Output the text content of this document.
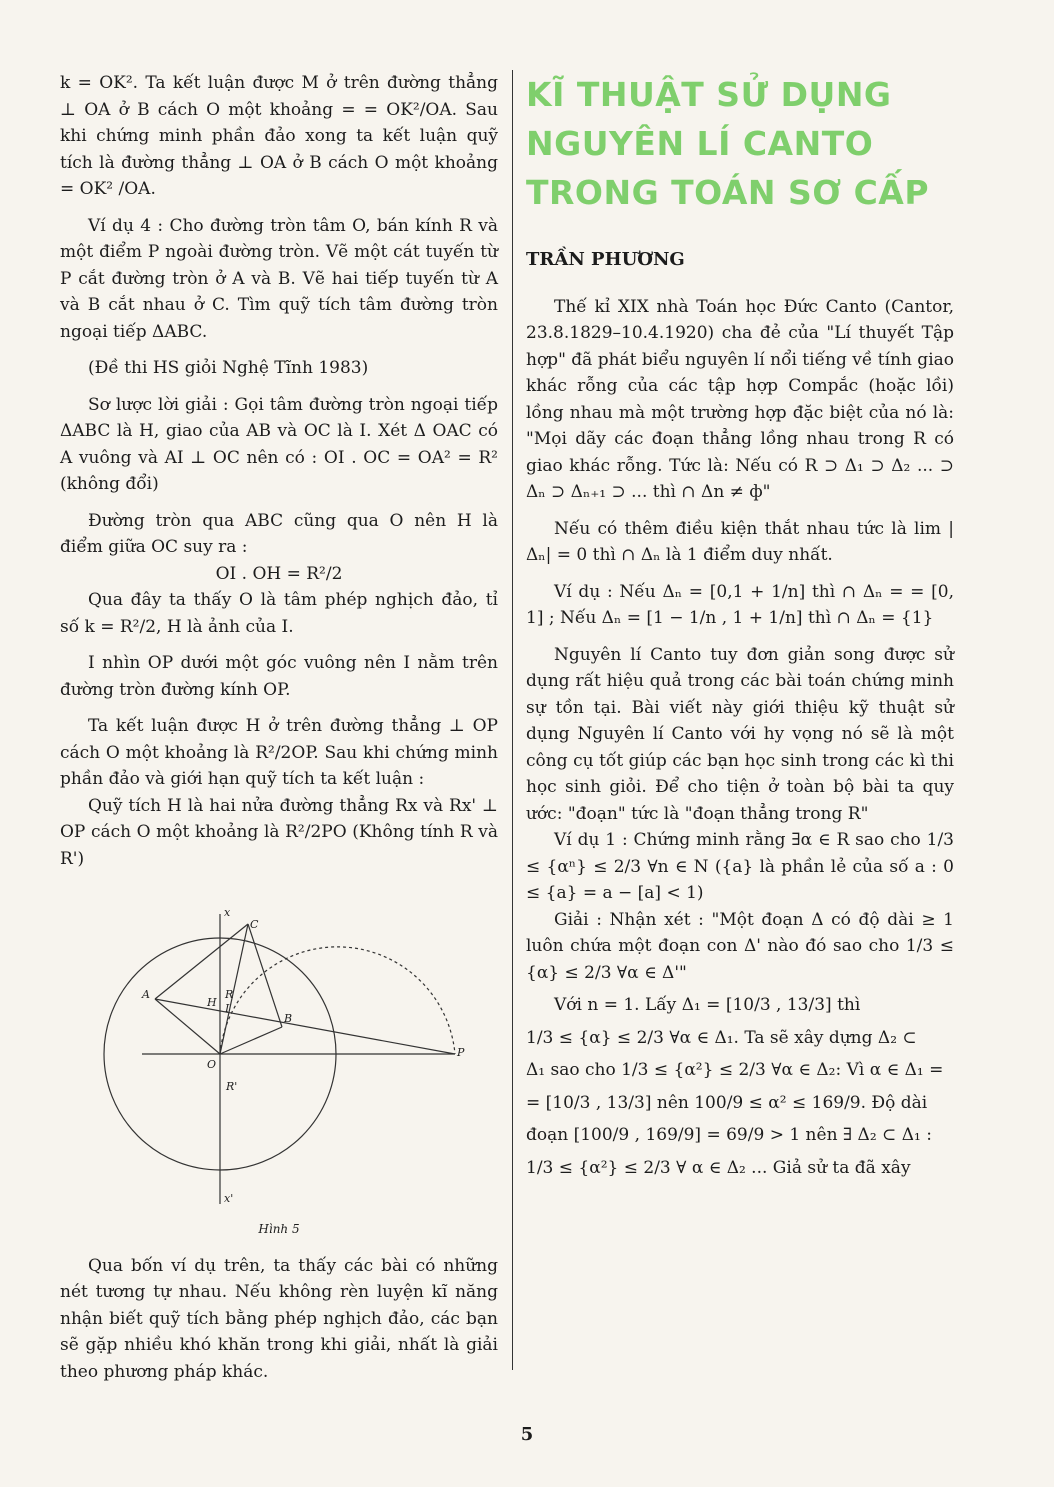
k = OK². Ta kết luận được M ở trên đường thẳng ⊥ OA ở B cách O một khoảng = = OK²/OA. Sau khi chứng minh phần đảo xong ta kết luận quỹ tích là đường thẳng ⊥ OA ở B cách O một khoảng = OK² /OA.

Ví dụ 4 : Cho đường tròn tâm O, bán kính R và một điểm P ngoài đường tròn. Vẽ một cát tuyến từ P cắt đường tròn ở A và B. Vẽ hai tiếp tuyến từ A và B cắt nhau ở C. Tìm quỹ tích tâm đường tròn ngoại tiếp ΔABC.

(Đề thi HS giỏi Nghệ Tĩnh 1983)

Sơ lược lời giải : Gọi tâm đường tròn ngoại tiếp ΔABC là H, giao của AB và OC là I. Xét Δ OAC có A vuông và AI ⊥ OC nên có : OI . OC = OA² = R² (không đổi)

Đường tròn qua ABC cũng qua O nên H là điểm giữa OC suy ra :

OI . OH = R²/2

Qua đây ta thấy O là tâm phép nghịch đảo, tỉ số k = R²/2, H là ảnh của I.

I nhìn OP dưới một góc vuông nên I nằm trên đường tròn đường kính OP.

Ta kết luận được H ở trên đường thẳng ⊥ OP cách O một khoảng là R²/2OP. Sau khi chứng minh phần đảo và giới hạn quỹ tích ta kết luận :

Quỹ tích H là hai nửa đường thẳng Rx và Rx' ⊥ OP cách O một khoảng là R²/2PO (Không tính R và R')

x
C
A
H I
B
O
R'
R
x'
P

Hình 5

Qua bốn ví dụ trên, ta thấy các bài có những nét tương tự nhau. Nếu không rèn luyện kĩ năng nhận biết quỹ tích bằng phép nghịch đảo, các bạn sẽ gặp nhiều khó khăn trong khi giải, nhất là giải theo phương pháp khác.

KĨ THUẬT SỬ DỤNG

NGUYÊN LÍ CANTO

TRONG TOÁN SƠ CẤP

TRẦN PHƯƠNG

Thế kỉ XIX nhà Toán học Đức Canto (Cantor, 23.8.1829–10.4.1920) cha đẻ của "Lí thuyết Tập hợp" đã phát biểu nguyên lí nổi tiếng về tính giao khác rỗng của các tập hợp Compắc (hoặc lồi) lồng nhau mà một trường hợp đặc biệt của nó là: "Mọi dãy các đoạn thẳng lồng nhau trong R có giao khác rỗng. Tức là: Nếu có R ⊃ Δ₁ ⊃ Δ₂ ... ⊃ Δₙ ⊃ Δₙ₊₁ ⊃ ... thì ∩ Δn ≠ ф"

Nếu có thêm điều kiện thắt nhau tức là lim |Δₙ| = 0 thì ∩ Δₙ là 1 điểm duy nhất.

Ví dụ : Nếu Δₙ = [0,1 + 1/n] thì ∩ Δₙ = = [0, 1] ; Nếu Δₙ = [1 − 1/n , 1 + 1/n] thì ∩ Δₙ = {1}

Nguyên lí Canto tuy đơn giản song được sử dụng rất hiệu quả trong các bài toán chứng minh sự tồn tại. Bài viết này giới thiệu kỹ thuật sử dụng Nguyên lí Canto với hy vọng nó sẽ là một công cụ tốt giúp các bạn học sinh trong các kì thi học sinh giỏi. Để cho tiện ở toàn bộ bài ta quy ước: "đoạn" tức là "đoạn thẳng trong R"

Ví dụ 1 : Chứng minh rằng ∃α ∈ R sao cho 1/3 ≤ {αⁿ} ≤ 2/3 ∀n ∈ N ({a} là phần lẻ của số a : 0 ≤ {a} = a − [a] < 1)

Giải : Nhận xét : "Một đoạn Δ có độ dài ≥ 1 luôn chứa một đoạn con Δ' nào đó sao cho 1/3 ≤ {α} ≤ 2/3 ∀α ∈ Δ'"

Với n = 1. Lấy Δ₁ = [10/3 , 13/3] thì

1/3 ≤ {α} ≤ 2/3 ∀α ∈ Δ₁. Ta sẽ xây dựng Δ₂ ⊂

Δ₁ sao cho 1/3 ≤ {α²} ≤ 2/3 ∀α ∈ Δ₂: Vì α ∈ Δ₁ =

= [10/3 , 13/3] nên 100/9 ≤ α² ≤ 169/9. Độ dài

đoạn [100/9 , 169/9] = 69/9 > 1 nên ∃ Δ₂ ⊂ Δ₁ :

1/3 ≤ {α²} ≤ 2/3 ∀ α ∈ Δ₂ ... Giả sử ta đã xây

5
